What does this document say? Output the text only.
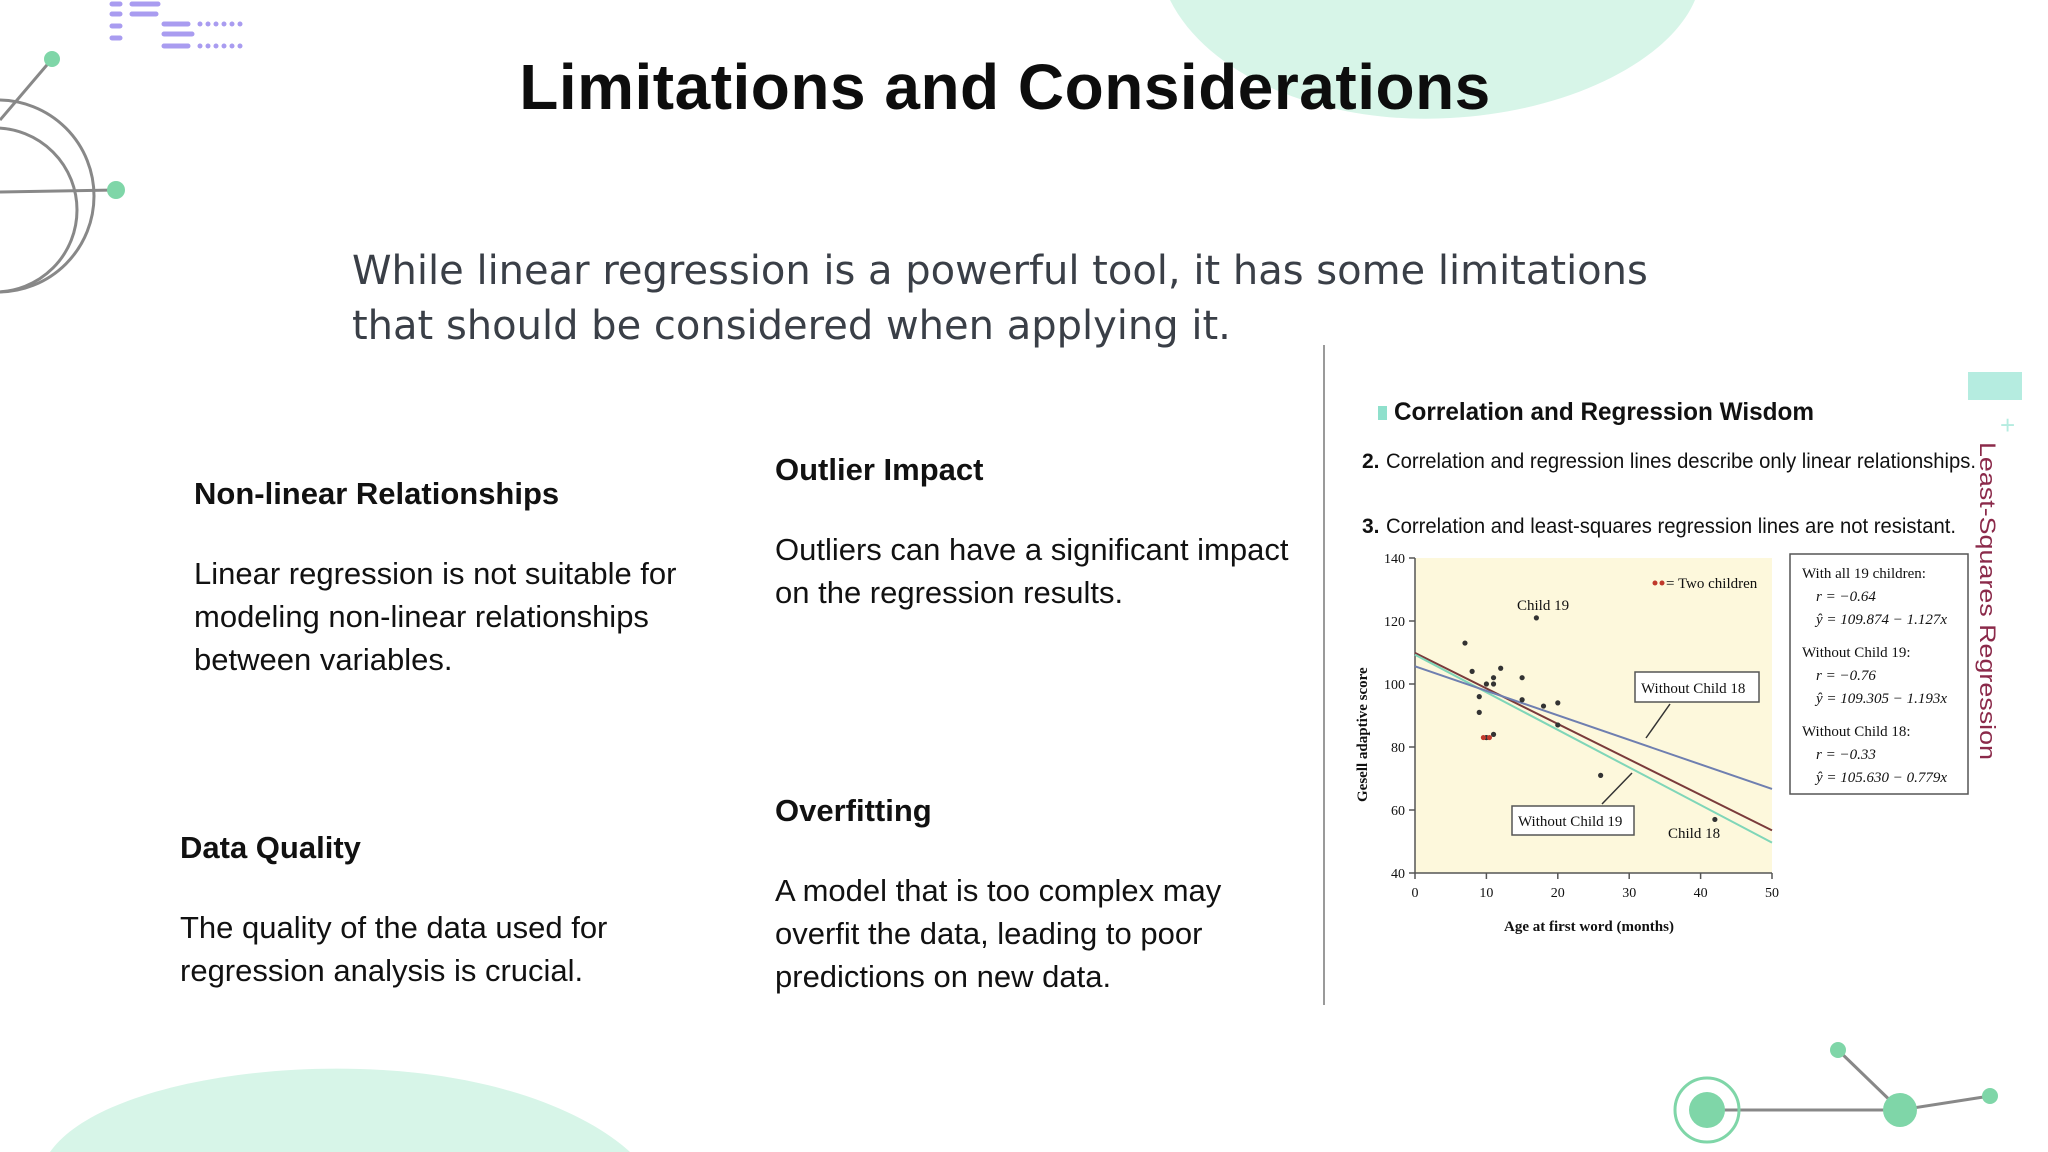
Limitations and Considerations
While linear regression is a powerful tool, it has some limitations that should be considered when applying it.
Non-linear Relationships
Linear regression is not suitable for
modeling non-linear relationships
between variables.
Outlier Impact
Outliers can have a significant impact
on the regression results.
Data Quality
The quality of the data used for
regression analysis is crucial.
Overfitting
A model that is too complex may
overfit the data, leading to poor
predictions on new data.
Correlation and Regression Wisdom	+
2. Correlation and regression lines describe only linear relationships.
3. Correlation and least-squares regression lines are not resistant. Least-Squares Regression
0	10	20	30	40	50
40
60
80
100
120
140
Gesell adaptive score
Age at first word (months)
= Two children
Child 19
Child 18
Without Child 18
Without Child 19
With all 19 children:
r = −0.64
ŷ = 109.874 − 1.127x
Without Child 19:
r = −0.76
ŷ = 109.305 − 1.193x
Without Child 18:
r = −0.33
ŷ = 105.630 − 0.779x
